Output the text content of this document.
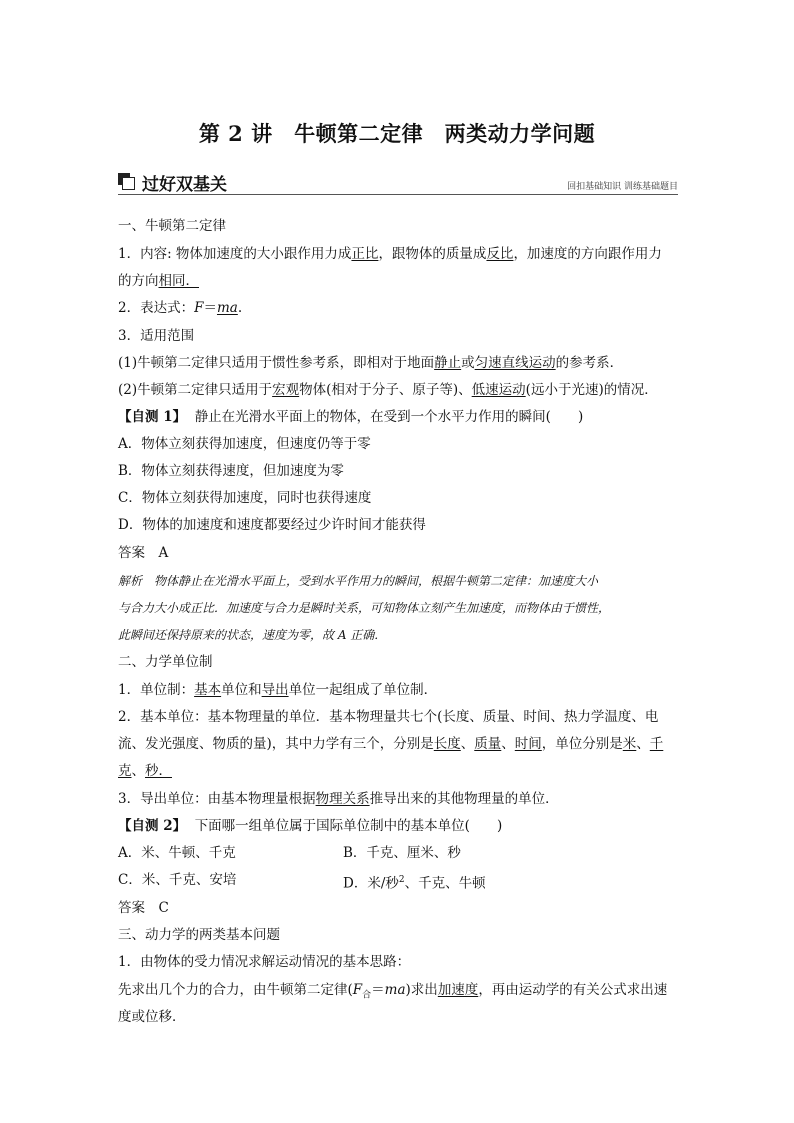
第 2 讲　牛顿第二定律　两类动力学问题
过好双基关	回扣基础知识 训练基础题目
一、牛顿第二定律
1．内容: 物体加速度的大小跟作用力成正比，跟物体的质量成反比，加速度的方向跟作用力
的方向相同．
2．表达式：F＝ma.
3．适用范围
(1)牛顿第二定律只适用于惯性参考系，即相对于地面静止或匀速直线运动的参考系．
(2)牛顿第二定律只适用于宏观物体(相对于分子、原子等)、低速运动(远小于光速)的情况．
【自测 1】 静止在光滑水平面上的物体，在受到一个水平力作用的瞬间(　　)
A．物体立刻获得加速度，但速度仍等于零
B．物体立刻获得速度，但加速度为零
C．物体立刻获得加速度，同时也获得速度
D．物体的加速度和速度都要经过少许时间才能获得
答案　A
解析　物体静止在光滑水平面上，受到水平作用力的瞬间，根据牛顿第二定律：加速度大小
与合力大小成正比．加速度与合力是瞬时关系，可知物体立刻产生加速度，而物体由于惯性，
此瞬间还保持原来的状态，速度为零，故 A 正确．
二、力学单位制
1．单位制：基本单位和导出单位一起组成了单位制．
2．基本单位：基本物理量的单位．基本物理量共七个(长度、质量、时间、热力学温度、电
流、发光强度、物质的量)，其中力学有三个，分别是长度、质量、时间，单位分别是米、千
克、秒．
3．导出单位：由基本物理量根据物理关系推导出来的其他物理量的单位．
【自测 2】 下面哪一组单位属于国际单位制中的基本单位(　　)
A．米、牛顿、千克	B．千克、厘米、秒
C．米、千克、安培	D．米/秒$^2$、千克、牛顿
答案　C
三、动力学的两类基本问题
1．由物体的受力情况求解运动情况的基本思路：
先求出几个力的合力，由牛顿第二定律$(F_合=ma)$求出加速度，再由运动学的有关公式求出速
度或位移．
